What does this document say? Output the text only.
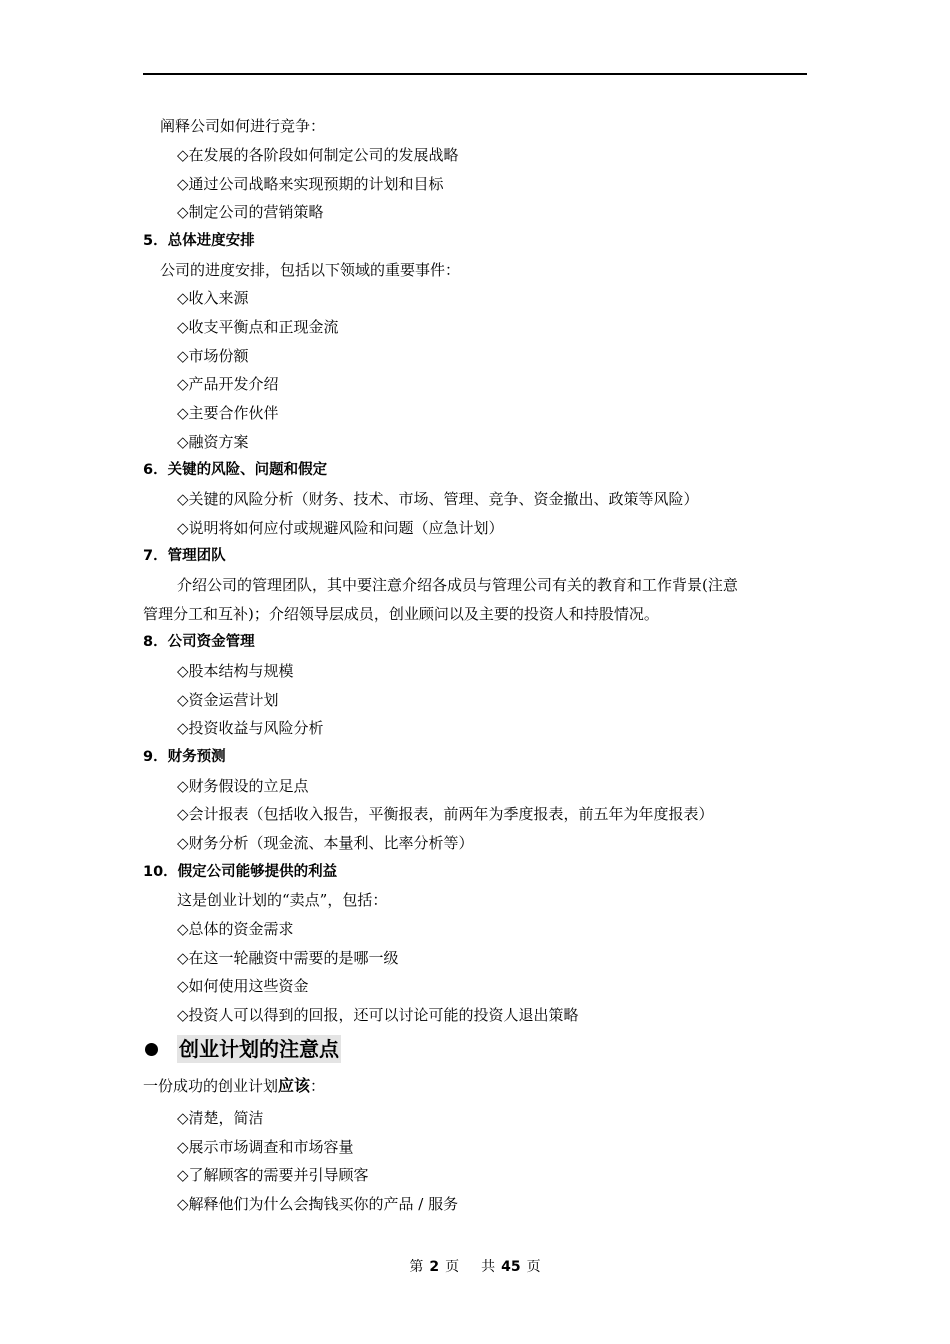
阐释公司如何进行竞争：
◇在发展的各阶段如何制定公司的发展战略
◇通过公司战略来实现预期的计划和目标
◇制定公司的营销策略
5．总体进度安排
公司的进度安排，包括以下领域的重要事件：
◇收入来源
◇收支平衡点和正现金流
◇市场份额
◇产品开发介绍
◇主要合作伙伴
◇融资方案
6．关键的风险、问题和假定
◇关键的风险分析（财务、技术、市场、管理、竞争、资金撤出、政策等风险）
◇说明将如何应付或规避风险和问题（应急计划）
7．管理团队
介绍公司的管理团队，其中要注意介绍各成员与管理公司有关的教育和工作背景(注意
管理分工和互补)；介绍领导层成员，创业顾问以及主要的投资人和持股情况。
8．公司资金管理
◇股本结构与规模
◇资金运营计划
◇投资收益与风险分析
9．财务预测
◇财务假设的立足点
◇会计报表（包括收入报告，平衡报表，前两年为季度报表，前五年为年度报表）
◇财务分析（现金流、本量利、比率分析等）
10．假定公司能够提供的利益
这是创业计划的“卖点”，包括：
◇总体的资金需求
◇在这一轮融资中需要的是哪一级
◇如何使用这些资金
◇投资人可以得到的回报，还可以讨论可能的投资人退出策略
创业计划的注意点
一份成功的创业计划应该：
◇清楚，简洁
◇展示市场调查和市场容量
◇了解顾客的需要并引导顾客
◇解释他们为什么会掏钱买你的产品 / 服务
第 2 页 共 45 页
